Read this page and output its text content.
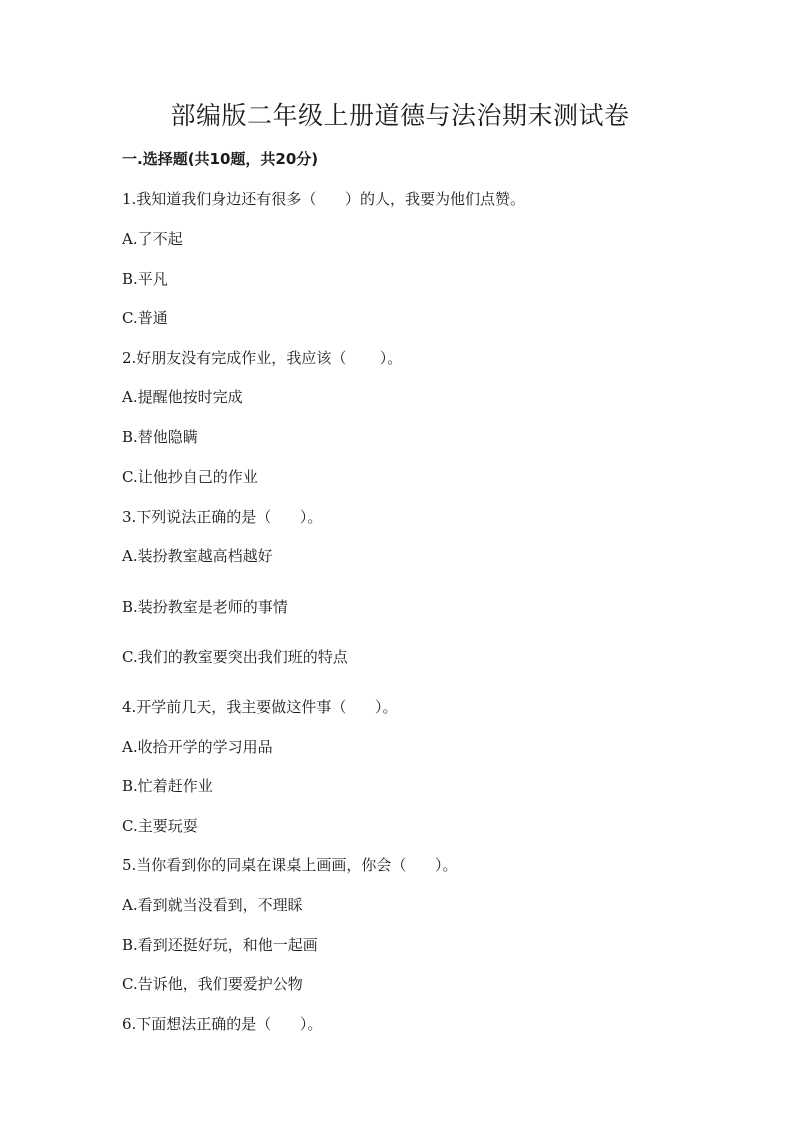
部编版二年级上册道德与法治期末测试卷
一.选择题(共10题，共20分)
1.我知道我们身边还有很多（ ）的人，我要为他们点赞。
A.了不起
B.平凡
C.普通
2.好朋友没有完成作业，我应该（ ）。
A.提醒他按时完成
B.替他隐瞒
C.让他抄自己的作业
3.下列说法正确的是（ ）。
A.装扮教室越高档越好
B.装扮教室是老师的事情
C.我们的教室要突出我们班的特点
4.开学前几天，我主要做这件事（ ）。
A.收拾开学的学习用品
B.忙着赶作业
C.主要玩耍
5.当你看到你的同桌在课桌上画画，你会（ ）。
A.看到就当没看到，不理睬
B.看到还挺好玩，和他一起画
C.告诉他，我们要爱护公物
6.下面想法正确的是（ ）。
